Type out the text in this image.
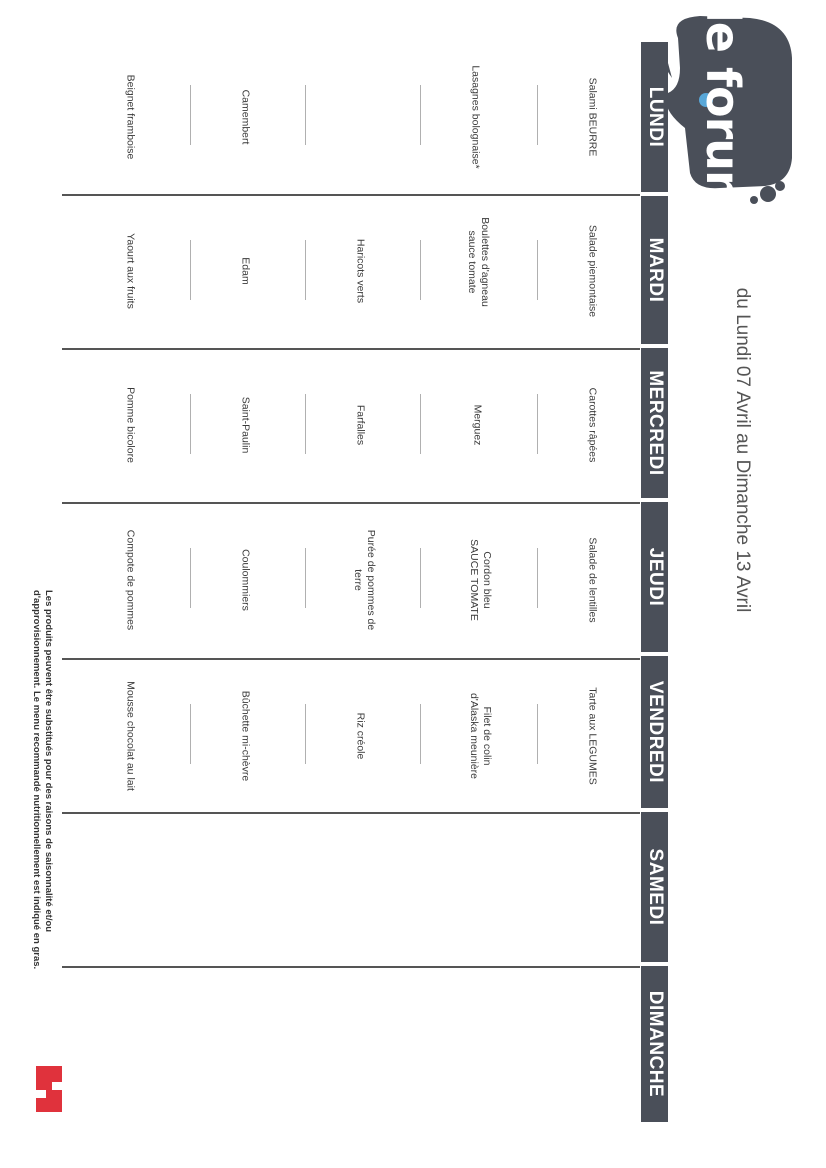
le forum
du Lundi 07 Avril au Dimanche 13 Avril
LUNDI
MARDI
MERCREDI
JEUDI
VENDREDI
SAMEDI
DIMANCHE
Salami BEURRE
Lasagnes bolognaise*
Camembert
Beignet framboise
Salade piemontaise
Boulettes d'agneau
sauce tomate
Haricots verts
Edam
Yaourt aux fruits
Carottes râpées
Merguez
Farfalles
Saint-Paulin
Pomme bicolore
Salade de lentilles
Cordon bleu
SAUCE TOMATE
Purée de pommes de
terre
Coulommiers
Compote de pommes
Tarte aux LEGUMES
Filet de colin
d'Alaska meunière
Riz créole
Bûchette mi-chèvre
Mousse chocolat au lait
Les produits peuvent être substitués pour des raisons de saisonnalité et/ou d'approvisionnement. Le menu recommandé nutritionnellement est indiqué en gras.
